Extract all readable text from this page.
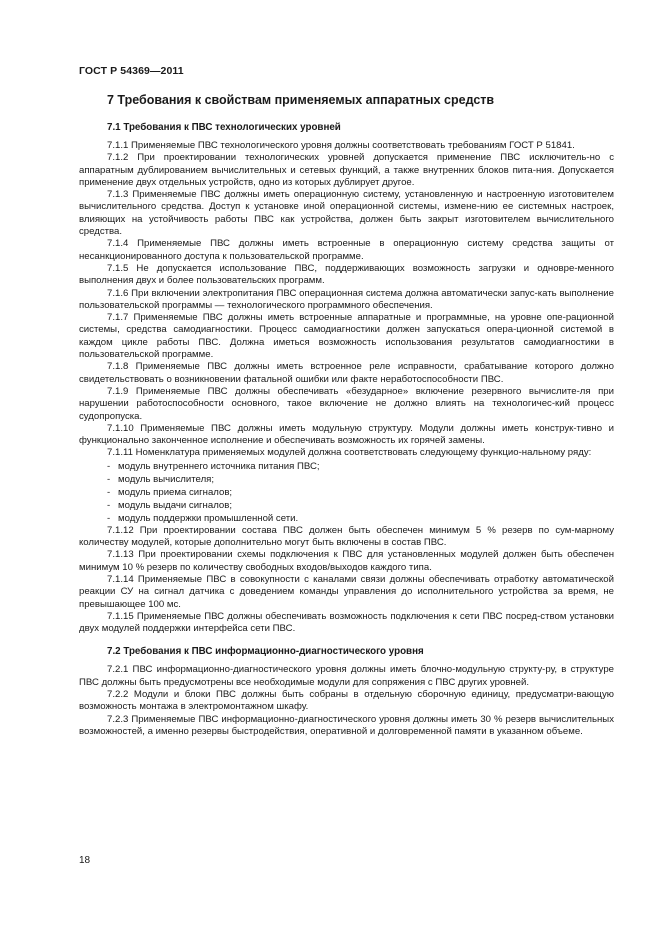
ГОСТ Р 54369—2011
7 Требования к свойствам применяемых аппаратных средств
7.1 Требования к ПВС технологических уровней

7.1.1 Применяемые ПВС технологического уровня должны соответствовать требованиям ГОСТ Р 51841.

7.1.2 При проектировании технологических уровней допускается применение ПВС исключитель-но с аппаратным дублированием вычислительных и сетевых функций, а также внутренних блоков пита-ния. Допускается применение двух отдельных устройств, одно из которых дублирует другое.

7.1.3 Применяемые ПВС должны иметь операционную систему, установленную и настроенную изготовителем вычислительного средства. Доступ к установке иной операционной системы, измене-нию ее системных настроек, влияющих на устойчивость работы ПВС как устройства, должен быть закрыт изготовителем вычислительного средства.

7.1.4 Применяемые ПВС должны иметь встроенные в операционную систему средства защиты от несанкционированного доступа к пользовательской программе.

7.1.5 Не допускается использование ПВС, поддерживающих возможность загрузки и одновре-менного выполнения двух и более пользовательских программ.

7.1.6 При включении электропитания ПВС операционная система должна автоматически запус-кать выполнение пользовательской программы — технологического программного обеспечения.

7.1.7 Применяемые ПВС должны иметь встроенные аппаратные и программные, на уровне опе-рационной системы, средства самодиагностики. Процесс самодиагностики должен запускаться опера-ционной системой в каждом цикле работы ПВС. Должна иметься возможность использования результатов самодиагностики в пользовательской программе.

7.1.8 Применяемые ПВС должны иметь встроенное реле исправности, срабатывание которого должно свидетельствовать о возникновении фатальной ошибки или факте неработоспособности ПВС.

7.1.9 Применяемые ПВС должны обеспечивать «безударное» включение резервного вычислите-ля при нарушении работоспособности основного, такое включение не должно влиять на технологичес-кий процесс судопропуска.

7.1.10 Применяемые ПВС должны иметь модульную структуру. Модули должны иметь конструк-тивно и функционально законченное исполнение и обеспечивать возможность их горячей замены.

7.1.11 Номенклатура применяемых модулей должна соответствовать следующему функцио-нальному ряду:

- модуль внутреннего источника питания ПВС;
- модуль вычислителя;
- модуль приема сигналов;
- модуль выдачи сигналов;
- модуль поддержки промышленной сети.

7.1.12 При проектировании состава ПВС должен быть обеспечен минимум 5 % резерв по сум-марному количеству модулей, которые дополнительно могут быть включены в состав ПВС.

7.1.13 При проектировании схемы подключения к ПВС для установленных модулей должен быть обеспечен минимум 10 % резерв по количеству свободных входов/выходов каждого типа.

7.1.14 Применяемые ПВС в совокупности с каналами связи должны обеспечивать отработку автоматической реакции СУ на сигнал датчика с доведением команды управления до исполнительного устройства за время, не превышающее 100 мс.

7.1.15 Применяемые ПВС должны обеспечивать возможность подключения к сети ПВС посред-ством установки двух модулей поддержки интерфейса сети ПВС.

7.2 Требования к ПВС информационно-диагностического уровня

7.2.1 ПВС информационно-диагностического уровня должны иметь блочно-модульную структу-ру, в структуре ПВС должны быть предусмотрены все необходимые модули для сопряжения с ПВС других уровней.

7.2.2 Модули и блоки ПВС должны быть собраны в отдельную сборочную единицу, предусматри-вающую возможность монтажа в электромонтажном шкафу.

7.2.3 Применяемые ПВС информационно-диагностического уровня должны иметь 30 % резерв вычислительных возможностей, а именно резервы быстродействия, оперативной и долговременной памяти в указанном объеме.

18
